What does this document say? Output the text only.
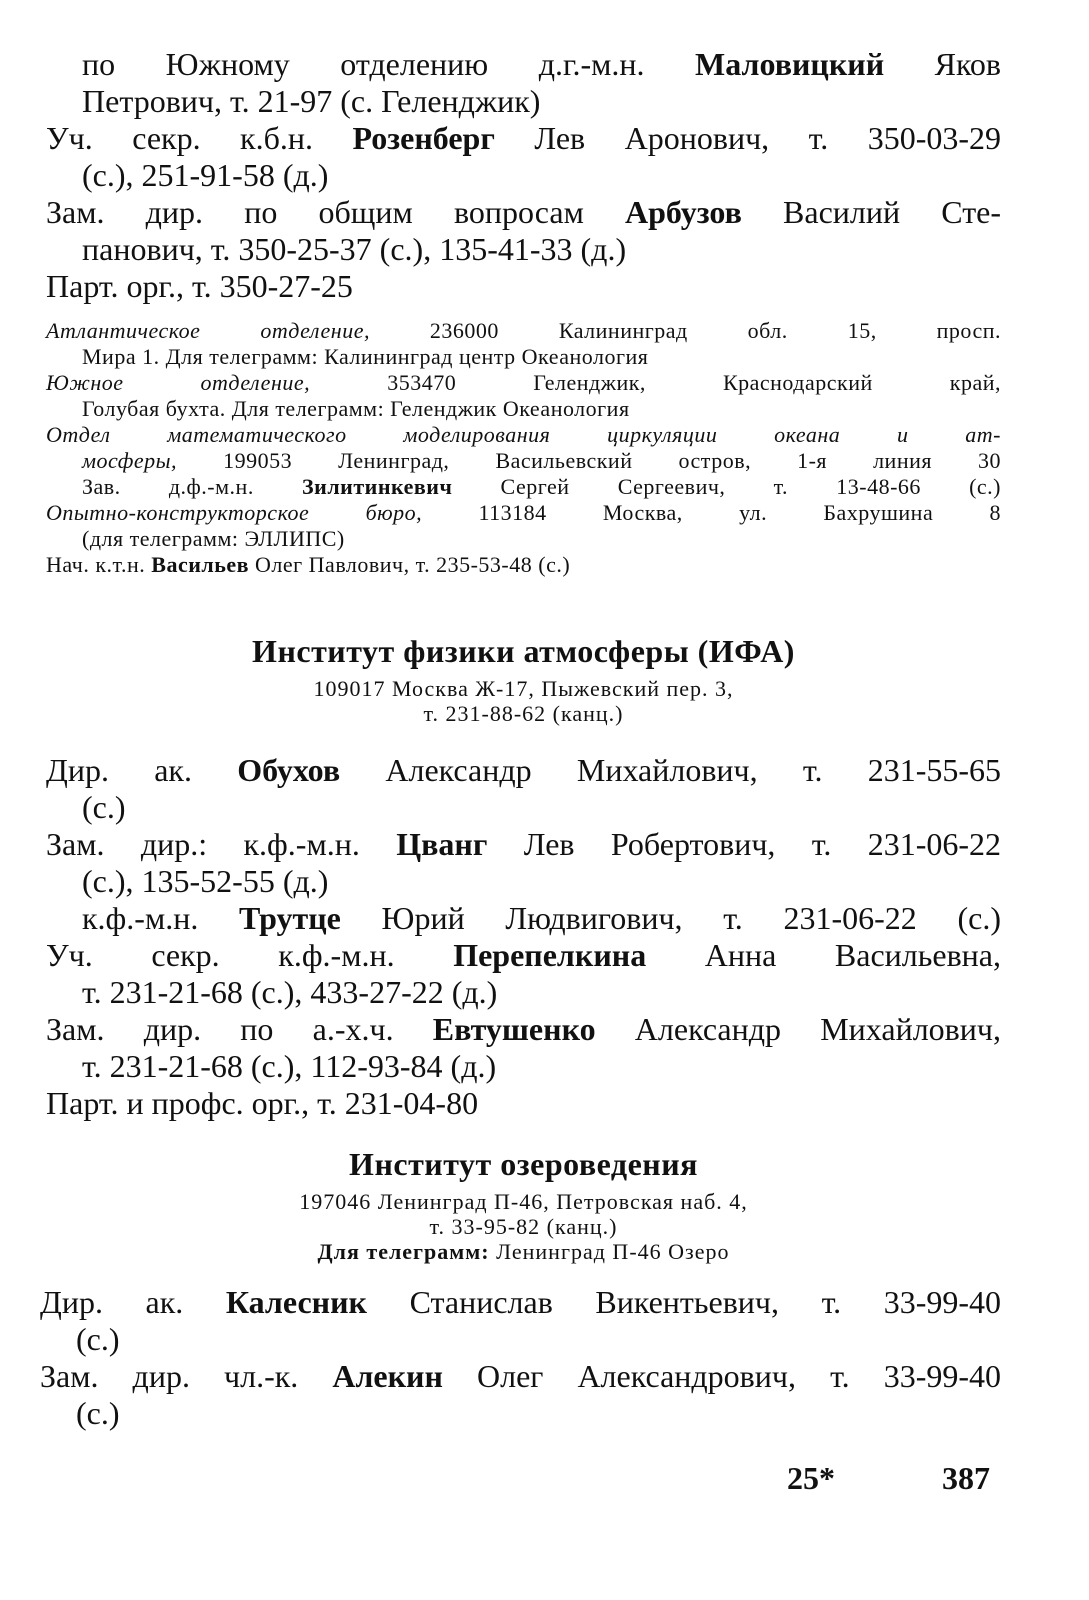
по Южному отделению д.г.-м.н. Маловицкий Яков

Петрович, т. 21-97 (с. Геленджик)

Уч. секр. к.б.н. Розенберг Лев Аронович, т. 350-03-29

(с.), 251-91-58 (д.)

Зам. дир. по общим вопросам Арбузов Василий Сте-

панович, т. 350-25-37 (с.), 135-41-33 (д.)

Парт. орг., т. 350-27-25

Атлантическое отделение,	236000 Калининград обл. 15, просп.

Мира 1. Для телеграмм: Калининград центр Океанология

Южное отделение,	353470 Геленджик, Краснодарский край,

Голубая бухта. Для телеграмм: Геленджик Океанология

Отдел математического моделирования циркуляции океана и ат-

мосферы, 199053 Ленинград, Васильевский остров, 1-я линия 30

Зав. д.ф.-м.н. Зилитинкевич Сергей Сергеевич, т. 13-48-66 (с.)

Опытно-конструкторское бюро,	113184 Москва, ул. Бахрушина 8

(для телеграмм: ЭЛЛИПС)

Нач. к.т.н. Васильев Олег Павлович, т. 235-53-48 (с.)

Институт физики атмосферы (ИФА)
109017 Москва Ж-17, Пыжевский пер. 3,
т. 231-88-62 (канц.)

Дир. ак. Обухов Александр Михайлович, т. 231-55-65

(с.)

Зам. дир.: к.ф.-м.н. Цванг Лев Робертович, т. 231-06-22

(с.), 135-52-55 (д.)

к.ф.-м.н. Трутце Юрий Людвигович, т. 231-06-22 (с.)

Уч. секр. к.ф.-м.н. Перепелкина Анна Васильевна,

т. 231-21-68 (с.), 433-27-22 (д.)

Зам. дир. по а.-х.ч. Евтушенко Александр Михайлович,

т. 231-21-68 (с.), 112-93-84 (д.)

Парт. и профс. орг., т. 231-04-80

Институт озероведения
197046 Ленинград П-46, Петровская наб. 4,
т. 33-95-82 (канц.)
Для телеграмм: Ленинград П-46 Озеро

Дир. ак. Калесник Станислав Викентьевич, т. 33-99-40

(с.)

Зам. дир. чл.-к. Алекин Олег Александрович, т. 33-99-40

(с.)

25*	387
